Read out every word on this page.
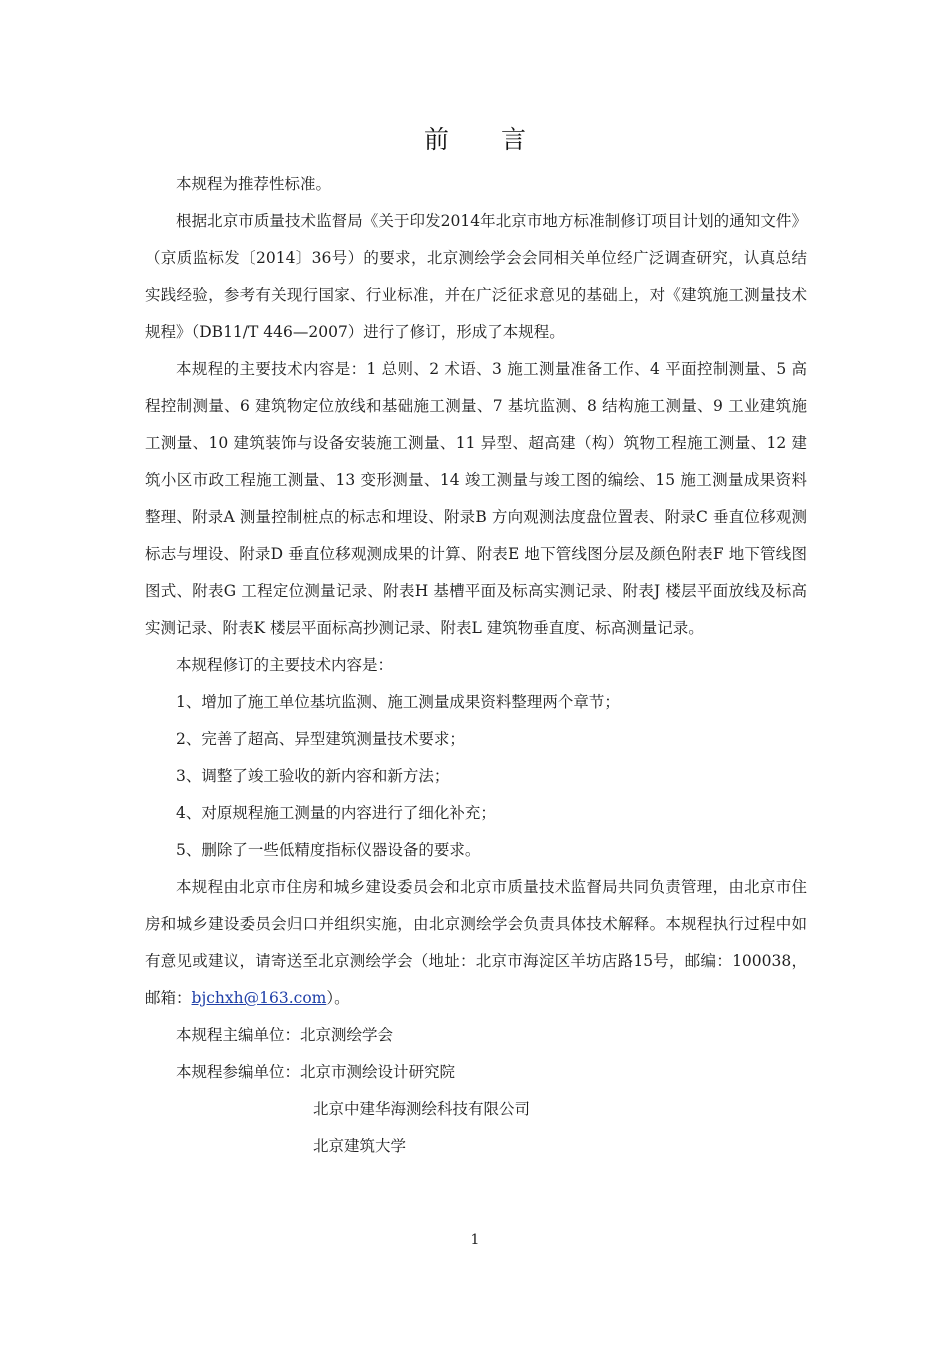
前言

本规程为推荐性标准。

根据北京市质量技术监督局《关于印发2014年北京市地方标准制修订项目计划的通知文件》（京质监标发〔2014〕36号）的要求，北京测绘学会会同相关单位经广泛调查研究，认真总结实践经验，参考有关现行国家、行业标准，并在广泛征求意见的基础上，对《建筑施工测量技术规程》（DB11/T 446—2007）进行了修订，形成了本规程。

本规程的主要技术内容是：1 总则、2 术语、3 施工测量准备工作、4 平面控制测量、5 高程控制测量、6 建筑物定位放线和基础施工测量、7 基坑监测、8 结构施工测量、9 工业建筑施工测量、10 建筑装饰与设备安装施工测量、11 异型、超高建（构）筑物工程施工测量、12 建筑小区市政工程施工测量、13 变形测量、14 竣工测量与竣工图的编绘、15 施工测量成果资料整理、附录A 测量控制桩点的标志和埋设、附录B 方向观测法度盘位置表、附录C 垂直位移观测标志与埋设、附录D 垂直位移观测成果的计算、附表E 地下管线图分层及颜色附表F 地下管线图图式、附表G 工程定位测量记录、附表H 基槽平面及标高实测记录、附表J 楼层平面放线及标高实测记录、附表K 楼层平面标高抄测记录、附表L 建筑物垂直度、标高测量记录。

本规程修订的主要技术内容是：

1、增加了施工单位基坑监测、施工测量成果资料整理两个章节；

2、完善了超高、异型建筑测量技术要求；

3、调整了竣工验收的新内容和新方法；

4、对原规程施工测量的内容进行了细化补充；

5、删除了一些低精度指标仪器设备的要求。

本规程由北京市住房和城乡建设委员会和北京市质量技术监督局共同负责管理，由北京市住房和城乡建设委员会归口并组织实施，由北京测绘学会负责具体技术解释。本规程执行过程中如有意见或建议，请寄送至北京测绘学会（地址：北京市海淀区羊坊店路15号，邮编：100038，邮箱：bjchxh@163.com）。

本规程主编单位：北京测绘学会

本规程参编单位：北京市测绘设计研究院

北京中建华海测绘科技有限公司

北京建筑大学

1
